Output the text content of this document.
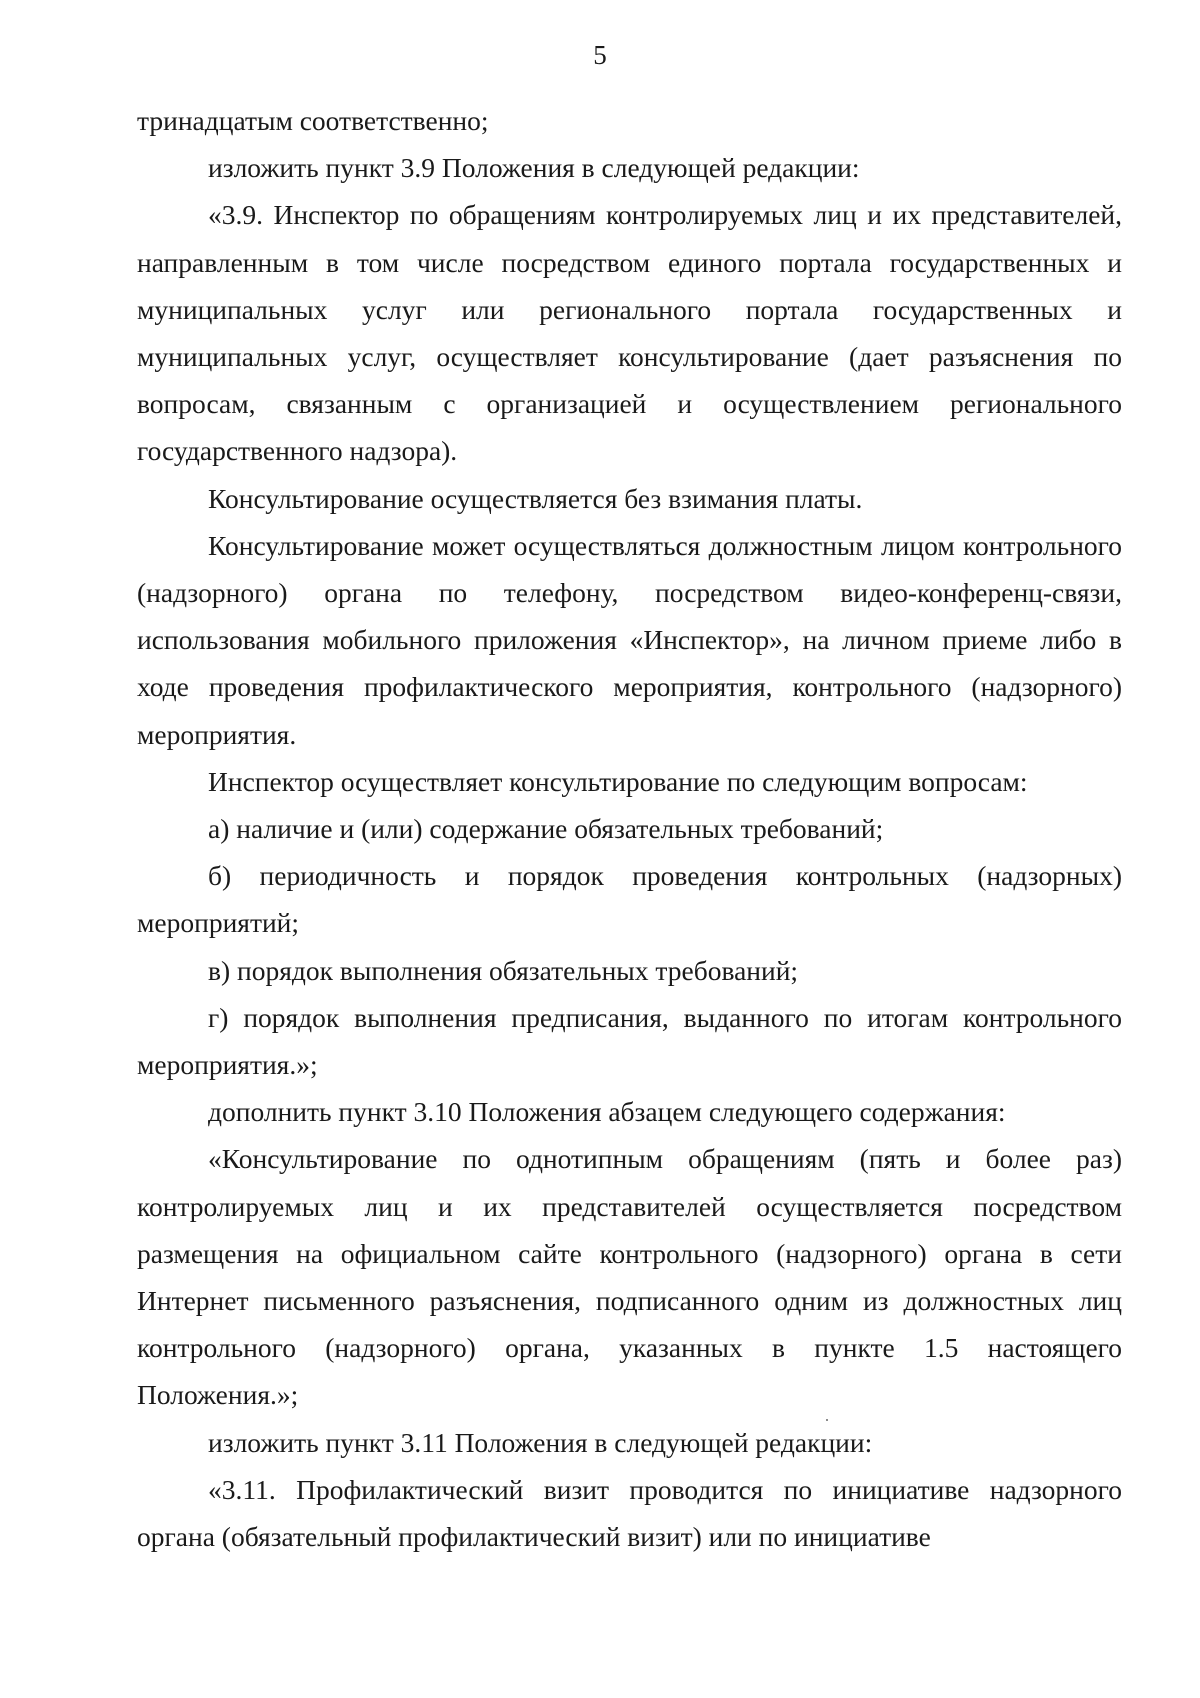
5

тринадцатым соответственно;

изложить пункт 3.9 Положения в следующей редакции:

«3.9. Инспектор по обращениям контролируемых лиц и их представителей, направленным в том числе посредством единого портала государственных и муниципальных услуг или регионального портала государственных и муниципальных услуг, осуществляет консультирование (дает разъяснения по вопросам, связанным с организацией и осуществлением регионального государственного надзора).

Консультирование осуществляется без взимания платы.

Консультирование может осуществляться должностным лицом контрольного (надзорного) органа по телефону, посредством видео-конференц-связи, использования мобильного приложения «Инспектор», на личном приеме либо в ходе проведения профилактического мероприятия, контрольного (надзорного) мероприятия.

Инспектор осуществляет консультирование по следующим вопросам:

а) наличие и (или) содержание обязательных требований;

б) периодичность и порядок проведения контрольных (надзорных) мероприятий;

в) порядок выполнения обязательных требований;

г) порядок выполнения предписания, выданного по итогам контрольного мероприятия.»;

дополнить пункт 3.10 Положения абзацем следующего содержания:

«Консультирование по однотипным обращениям (пять и более раз) контролируемых лиц и их представителей осуществляется посредством размещения на официальном сайте контрольного (надзорного) органа в сети Интернет письменного разъяснения, подписанного одним из должностных лиц контрольного (надзорного) органа, указанных в пункте 1.5 настоящего Положения.»;

изложить пункт 3.11 Положения в следующей редакции:

«3.11. Профилактический визит проводится по инициативе надзорного органа (обязательный профилактический визит) или по инициативе
